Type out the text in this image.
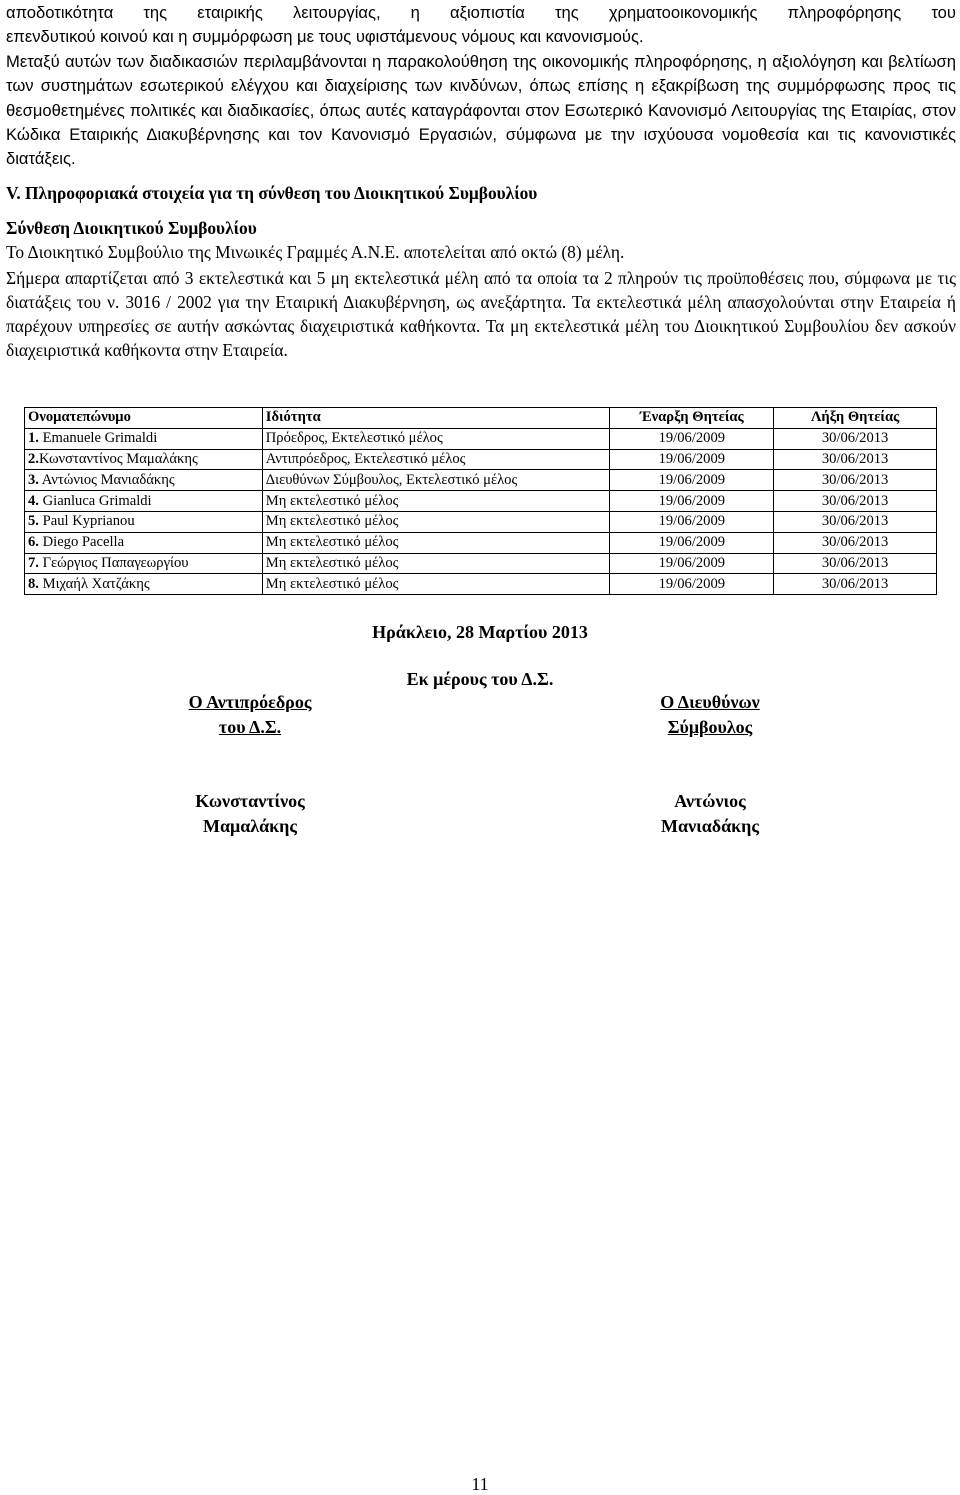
αποδοτικότητα της εταιρικής λειτουργίας, η αξιοπιστία της χρηματοοικονομικής πληροφόρησης του
επενδυτικού κοινού και η συμμόρφωση με τους υφιστάμενους νόμους και κανονισμούς.
Μεταξύ αυτών των διαδικασιών περιλαμβάνονται η παρακολούθηση της οικονομικής πληροφόρησης, η αξιολόγηση και βελτίωση των συστημάτων εσωτερικού ελέγχου και διαχείρισης των κινδύνων, όπως επίσης η εξακρίβωση της συμμόρφωσης προς τις θεσμοθετημένες πολιτικές και διαδικασίες, όπως αυτές καταγράφονται στον Εσωτερικό Κανονισμό Λειτουργίας της Εταιρίας, στον Κώδικα Εταιρικής Διακυβέρνησης και τον Κανονισμό Εργασιών, σύμφωνα με την ισχύουσα νομοθεσία και τις κανονιστικές διατάξεις.
V. Πληροφοριακά στοιχεία για τη σύνθεση του Διοικητικού Συμβουλίου
Σύνθεση Διοικητικού Συμβουλίου
Το Διοικητικό Συμβούλιο της Μινωικές Γραμμές Α.Ν.Ε. αποτελείται από οκτώ (8) μέλη.
Σήμερα απαρτίζεται από 3 εκτελεστικά και 5 μη εκτελεστικά μέλη από τα οποία τα 2 πληρούν τις προϋποθέσεις που, σύμφωνα με τις διατάξεις του ν. 3016 / 2002 για την Εταιρική Διακυβέρνηση, ως ανεξάρτητα. Τα εκτελεστικά μέλη απασχολούνται στην Εταιρεία ή παρέχουν υπηρεσίες σε αυτήν ασκώντας διαχειριστικά καθήκοντα. Τα μη εκτελεστικά μέλη του Διοικητικού Συμβουλίου δεν ασκούν διαχειριστικά καθήκοντα στην Εταιρεία.
Ονοματεπώνυμο	Ιδιότητα	Έναρξη Θητείας	Λήξη Θητείας
1. Emanuele Grimaldi	Πρόεδρος, Εκτελεστικό μέλος	19/06/2009	30/06/2013
2.Κωνσταντίνος Μαμαλάκης	Αντιπρόεδρος, Εκτελεστικό μέλος	19/06/2009	30/06/2013
3. Αντώνιος Μανιαδάκης	Διευθύνων Σύμβουλος, Εκτελεστικό μέλος	19/06/2009	30/06/2013
4. Gianluca Grimaldi	Μη εκτελεστικό μέλος	19/06/2009	30/06/2013
5. Paul Kyprianou	Μη εκτελεστικό μέλος	19/06/2009	30/06/2013
6. Diego Pacella	Μη εκτελεστικό μέλος	19/06/2009	30/06/2013
7. Γεώργιος Παπαγεωργίου	Μη εκτελεστικό μέλος	19/06/2009	30/06/2013
8. Μιχαήλ Χατζάκης	Μη εκτελεστικό μέλος	19/06/2009	30/06/2013
Ηράκλειο, 28 Μαρτίου 2013
Εκ μέρους του Δ.Σ.
Ο Αντιπρόεδρος
του Δ.Σ.
Ο Διευθύνων
Σύμβουλος
Κωνσταντίνος
Μαμαλάκης
Αντώνιος
Μανιαδάκης
11
